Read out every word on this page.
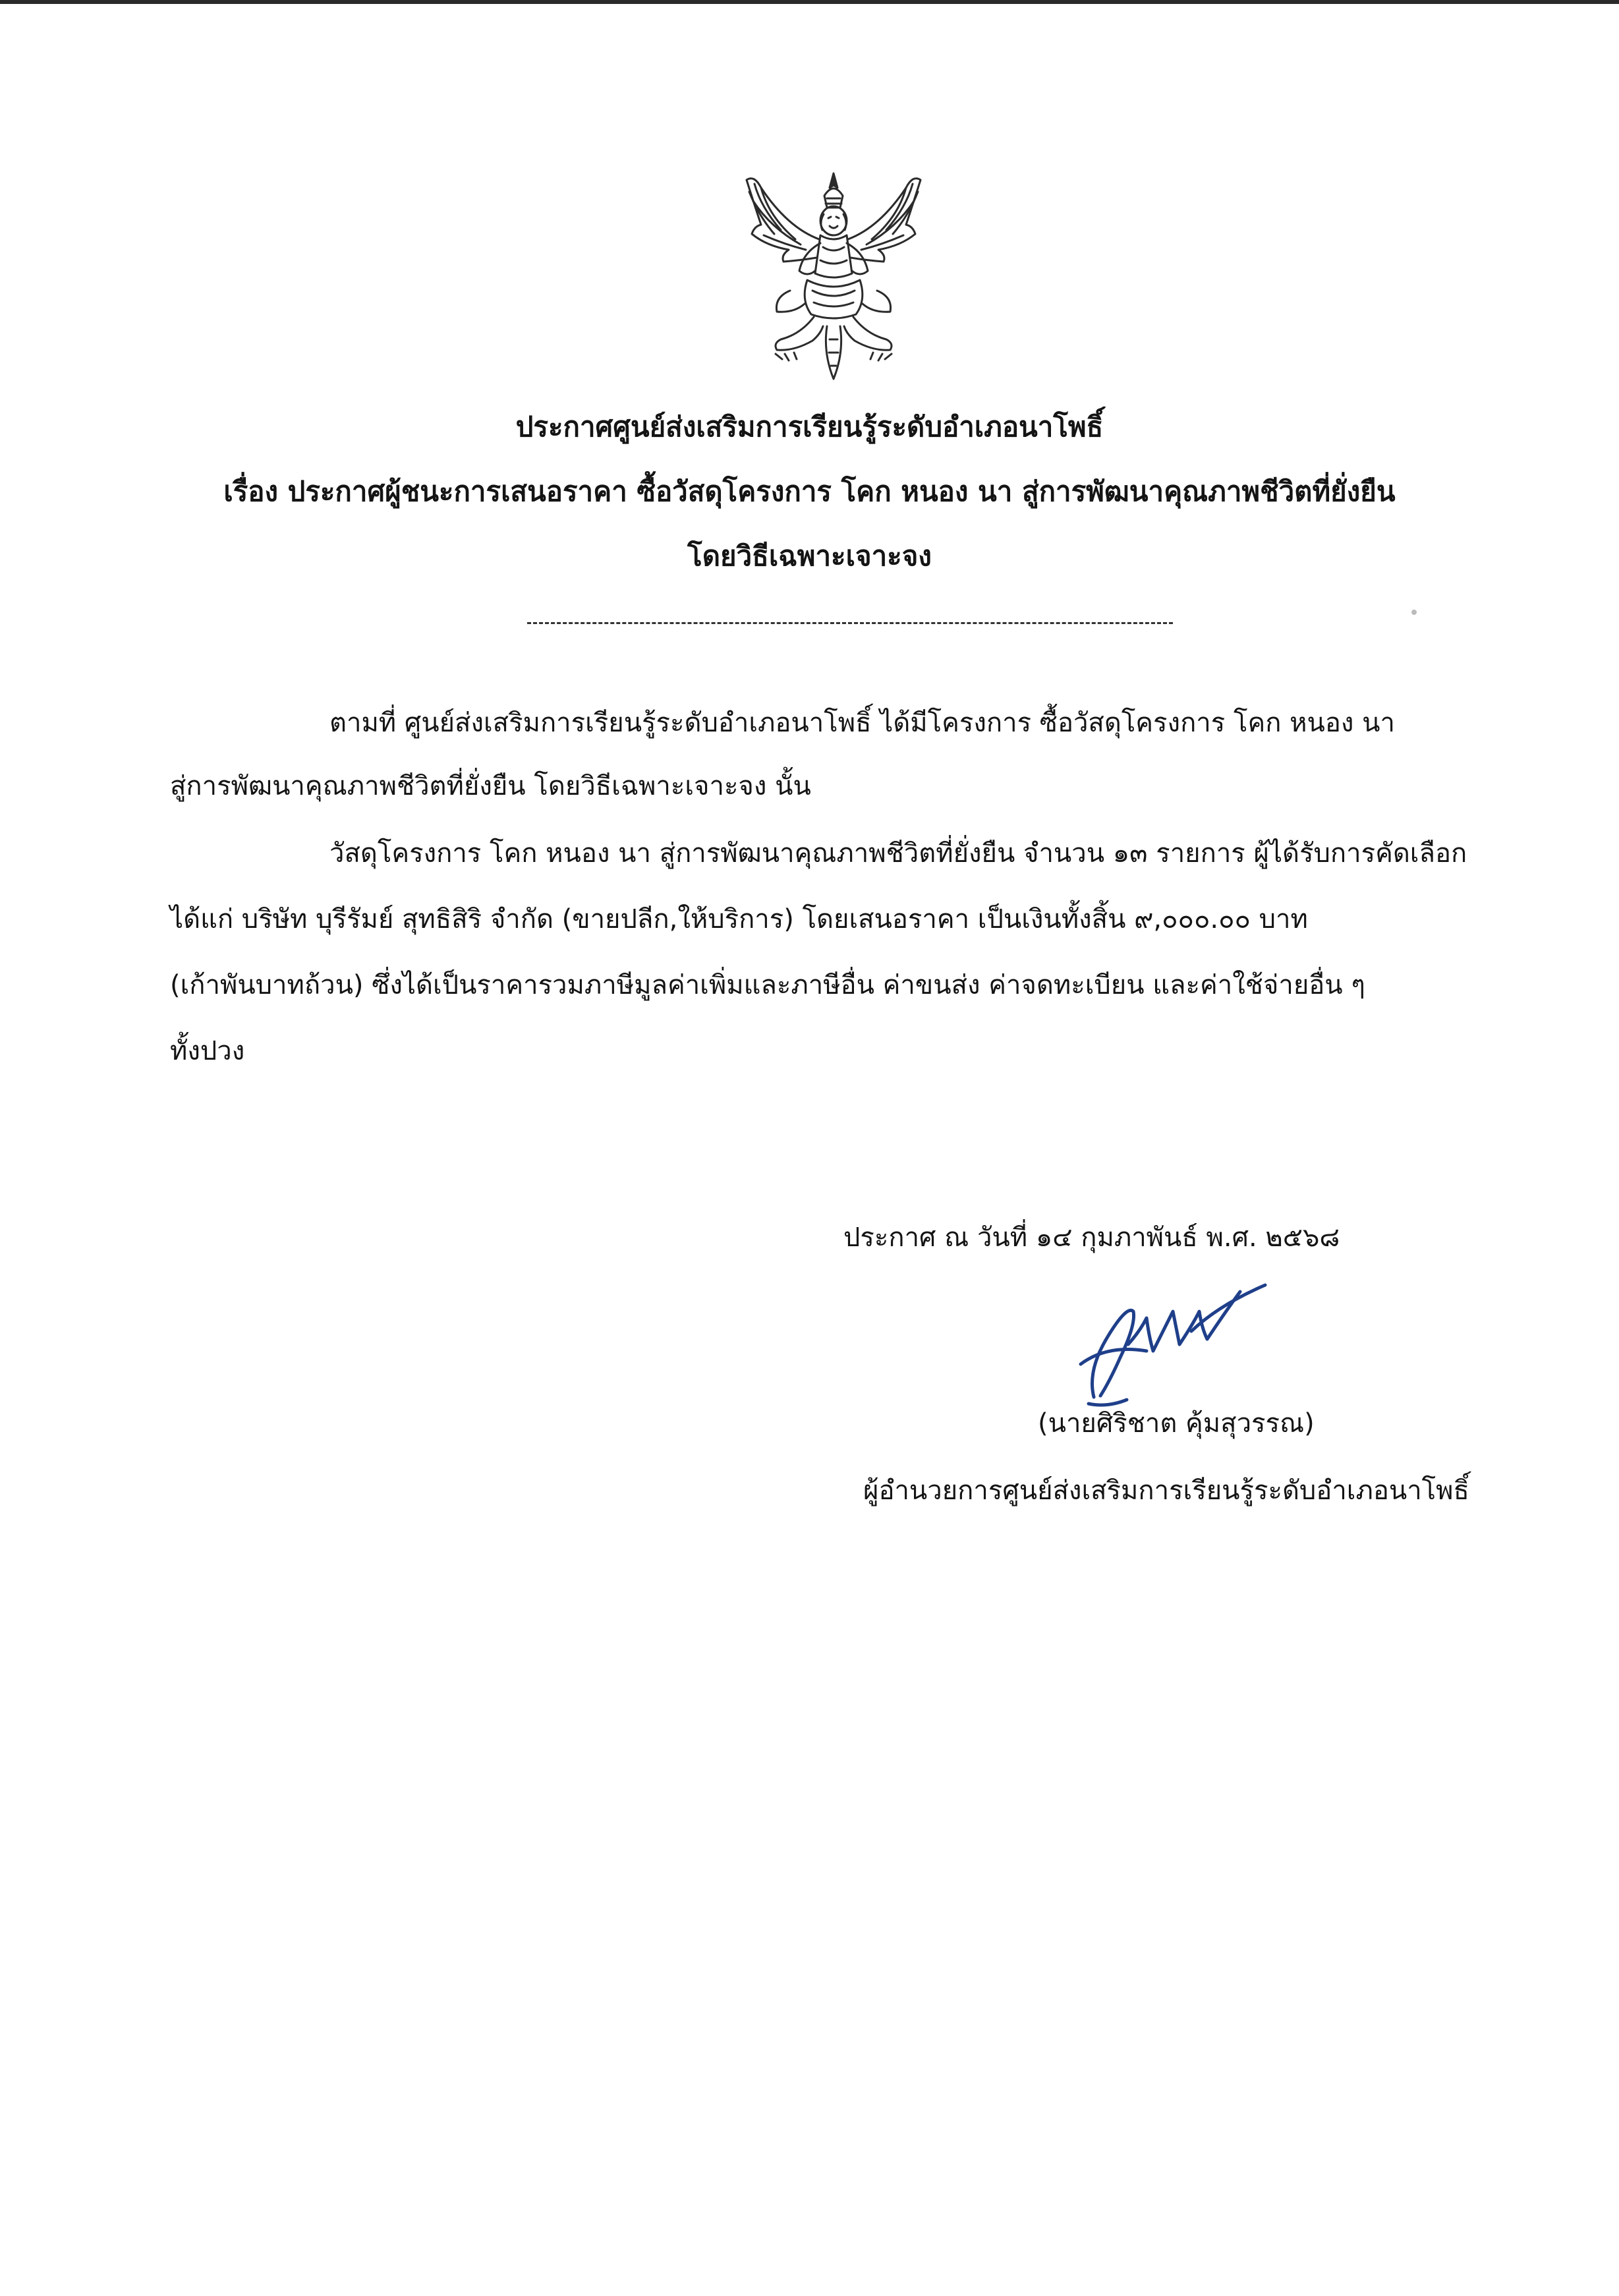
ประกาศศูนย์ส่งเสริมการเรียนรู้ระดับอำเภอนาโพธิ์
เรื่อง ประกาศผู้ชนะการเสนอราคา ซื้อวัสดุโครงการ โคก หนอง นา สู่การพัฒนาคุณภาพชีวิตที่ยั่งยืน
โดยวิธีเฉพาะเจาะจง
ตามที่ ศูนย์ส่งเสริมการเรียนรู้ระดับอำเภอนาโพธิ์ ได้มีโครงการ ซื้อวัสดุโครงการ โคก หนอง นา
สู่การพัฒนาคุณภาพชีวิตที่ยั่งยืน โดยวิธีเฉพาะเจาะจง นั้น
วัสดุโครงการ โคก หนอง นา สู่การพัฒนาคุณภาพชีวิตที่ยั่งยืน จำนวน ๑๓ รายการ ผู้ได้รับการคัดเลือก
ได้แก่ บริษัท บุรีรัมย์ สุทธิสิริ จำกัด (ขายปลีก,ให้บริการ) โดยเสนอราคา เป็นเงินทั้งสิ้น ๙,๐๐๐.๐๐ บาท
(เก้าพันบาทถ้วน) ซึ่งได้เป็นราคารวมภาษีมูลค่าเพิ่มและภาษีอื่น ค่าขนส่ง ค่าจดทะเบียน และค่าใช้จ่ายอื่น ๆ
ทั้งปวง
ประกาศ ณ วันที่ ๑๔ กุมภาพันธ์ พ.ศ. ๒๕๖๘
(นายศิริชาต คุ้มสุวรรณ)
ผู้อำนวยการศูนย์ส่งเสริมการเรียนรู้ระดับอำเภอนาโพธิ์
